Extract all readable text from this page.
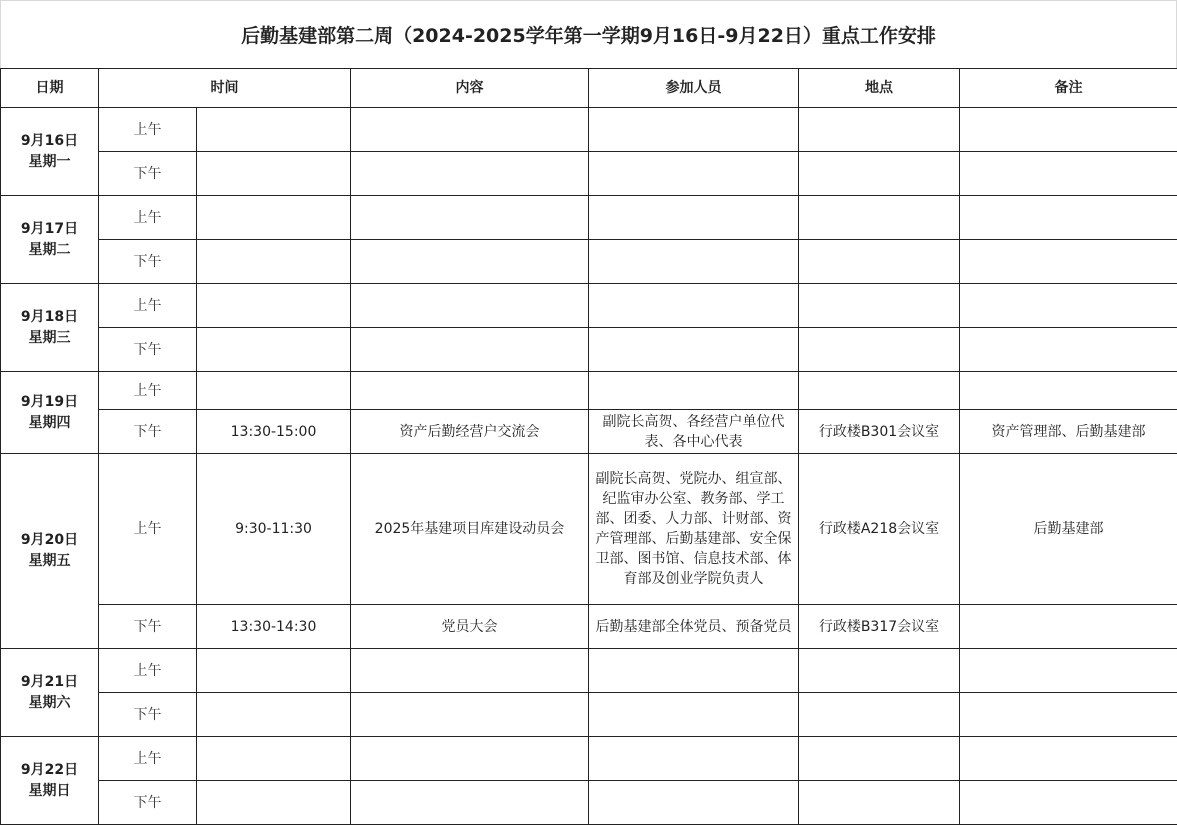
后勤基建部第二周（2024-2025学年第一学期9月16日-9月22日）重点工作安排
日期	时间		内容	参加人员	地点	备注

9月16日
星期一	上午					
	下午					

9月17日
星期二	上午					
	下午					

9月18日
星期三	上午					
	下午					

9月19日
星期四	上午					
	下午	13:30-15:00	资产后勤经营户交流会	副院长高贺、各经营户单位代表、各中心代表	行政楼B301会议室	资产管理部、后勤基建部

9月20日
星期五	上午	9:30-11:30	2025年基建项目库建设动员会	副院长高贺、党院办、组宣部、纪监审办公室、教务部、学工部、团委、人力部、计财部、资产管理部、后勤基建部、安全保卫部、图书馆、信息技术部、体育部及创业学院负责人	行政楼A218会议室	后勤基建部
	下午	13:30-14:30	党员大会	后勤基建部全体党员、预备党员	行政楼B317会议室	

9月21日
星期六	上午					
	下午					

9月22日
星期日	上午					
	下午					
